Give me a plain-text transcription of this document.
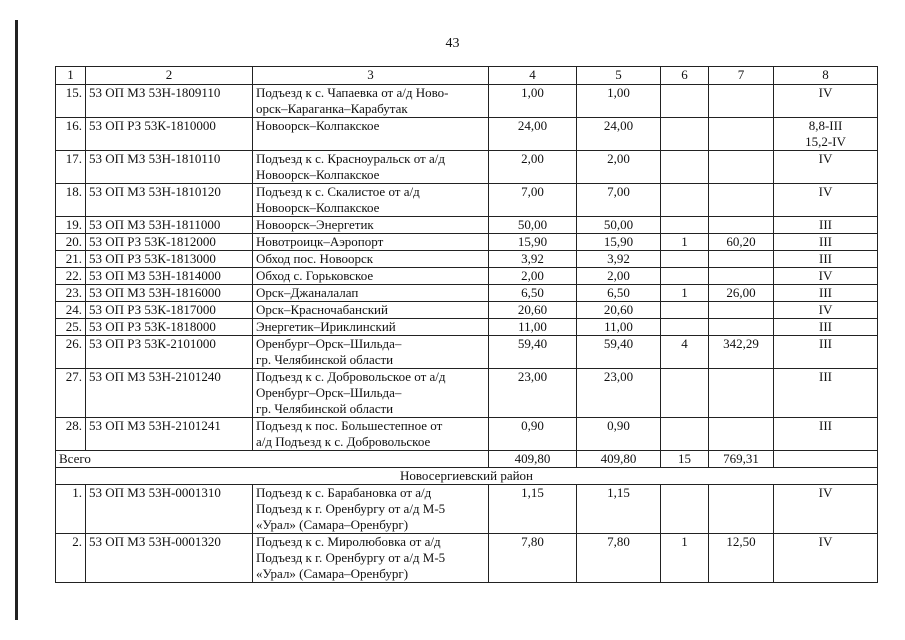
43
1	2	3	4	5	6	7	8
15.	53 ОП МЗ 53Н-1809110	Подъезд к с. Чапаевка от а/д Ново-
орск–Караганка–Карабутак	1,00	1,00			IV
16.	53 ОП РЗ 53К-1810000	Новоорск–Колпакское	24,00	24,00			8,8-III
15,2-IV
17.	53 ОП МЗ 53Н-1810110	Подъезд к с. Красноуральск от а/д
Новоорск–Колпакское	2,00	2,00			IV
18.	53 ОП МЗ 53Н-1810120	Подъезд к с. Скалистое от а/д
Новоорск–Колпакское	7,00	7,00			IV
19.	53 ОП МЗ 53Н-1811000	Новоорск–Энергетик	50,00	50,00			III
20.	53 ОП РЗ 53К-1812000	Новотроицк–Аэропорт	15,90	15,90	1	60,20	III
21.	53 ОП РЗ 53К-1813000	Обход пос. Новоорск	3,92	3,92			III
22.	53 ОП МЗ 53Н-1814000	Обход с. Горьковское	2,00	2,00			IV
23.	53 ОП МЗ 53Н-1816000	Орск–Джаналалап	6,50	6,50	1	26,00	III
24.	53 ОП РЗ 53К-1817000	Орск–Красночабанский	20,60	20,60			IV
25.	53 ОП РЗ 53К-1818000	Энергетик–Ириклинский	11,00	11,00			III
26.	53 ОП РЗ 53К-2101000	Оренбург–Орск–Шильда–
гр. Челябинской области	59,40	59,40	4	342,29	III
27.	53 ОП МЗ 53Н-2101240	Подъезд к с. Добровольское от а/д
Оренбург–Орск–Шильда–
гр. Челябинской области	23,00	23,00			III
28.	53 ОП МЗ 53Н-2101241	Подъезд к пос. Большестепное от
а/д Подъезд к с. Добровольское	0,90	0,90			III
Всего			409,80	409,80	15	769,31	
Новосергиевский район							
1.	53 ОП МЗ 53Н-0001310	Подъезд к с. Барабановка от а/д
Подъезд к г. Оренбургу от а/д М-5
«Урал» (Самара–Оренбург)	1,15	1,15			IV
2.	53 ОП МЗ 53Н-0001320	Подъезд к с. Миролюбовка от а/д
Подъезд к г. Оренбургу от а/д М-5
«Урал» (Самара–Оренбург)	7,80	7,80	1	12,50	IV
